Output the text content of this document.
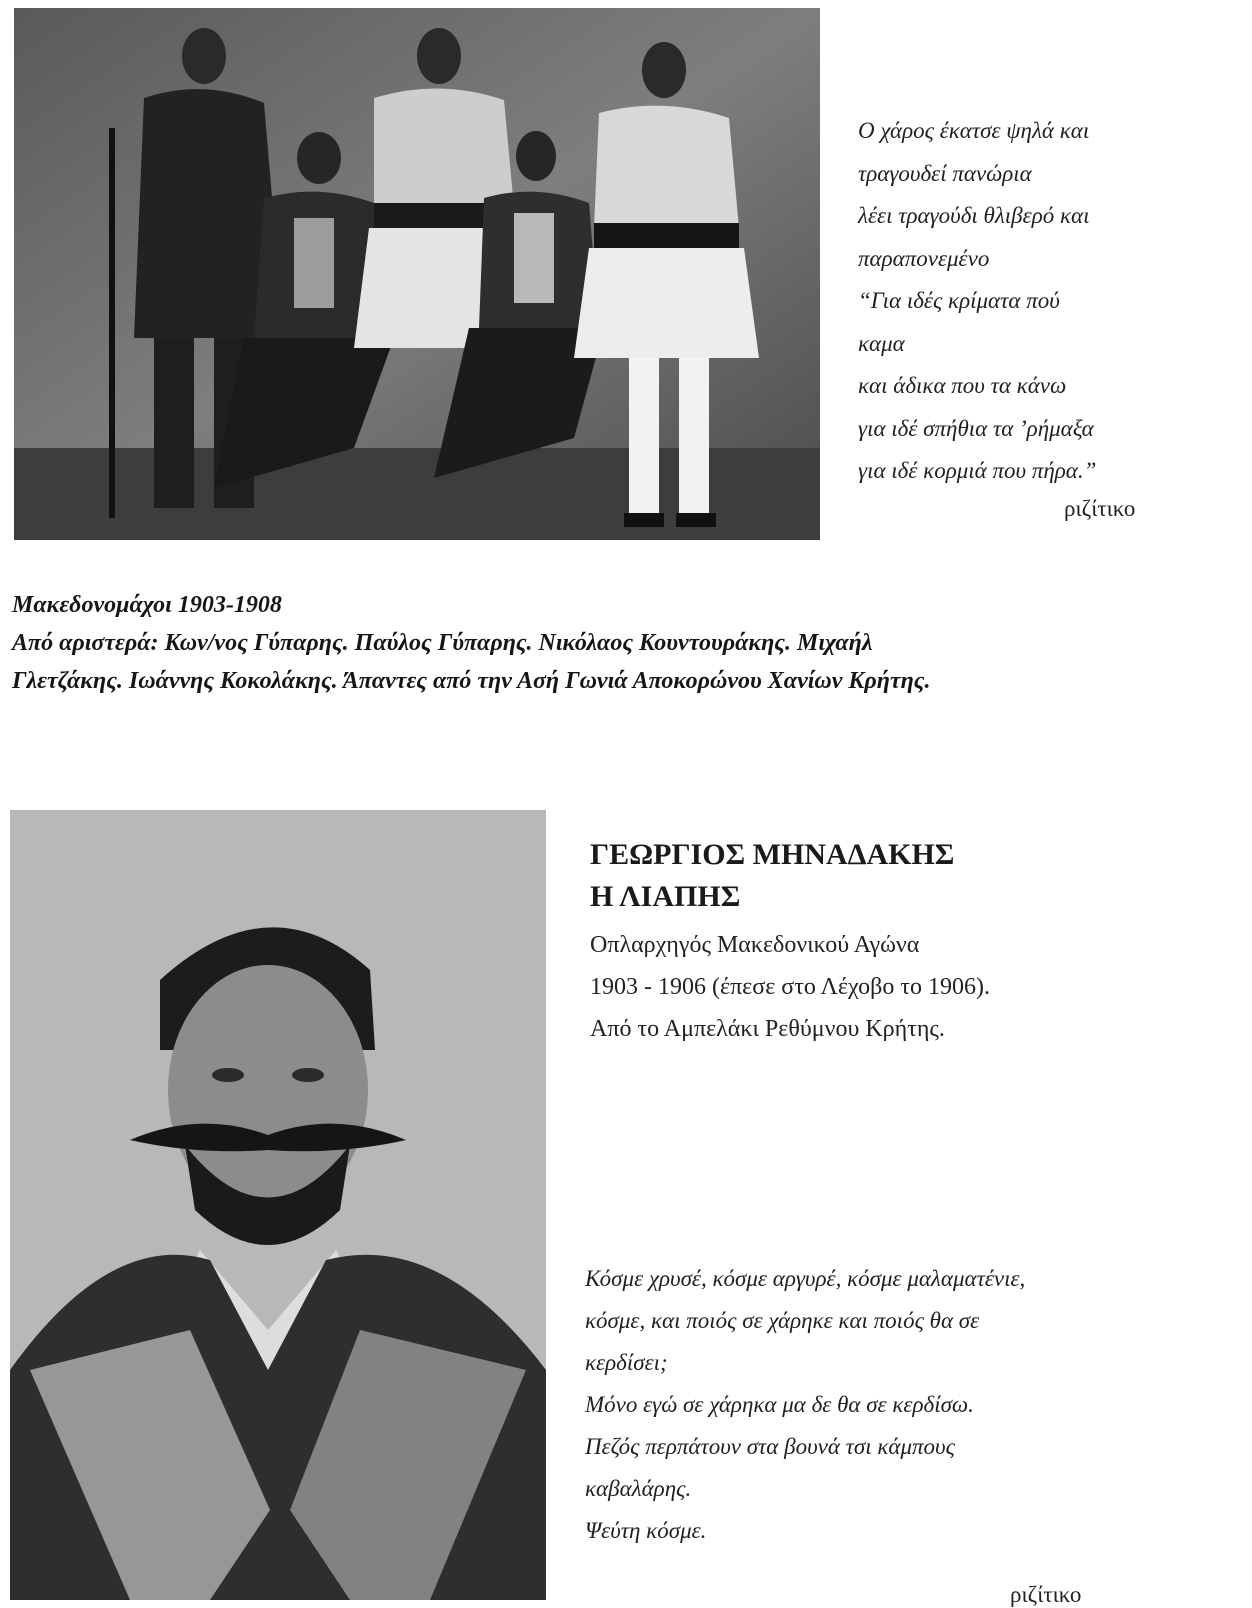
Ο χάρος έκατσε ψηλά και
τραγουδεί πανώρια
λέει τραγούδι θλιβερό και
παραπονεμένο
“Για ιδές κρίματα πού
καμα
και άδικα που τα κάνω
για ιδέ σπήθια τα ’ρήμαξα
για ιδέ κορμιά που πήρα.”
ριζίτικο
Μακεδονομάχοι 1903-1908
Από αριστερά: Κων/νος Γύπαρης. Παύλος Γύπαρης. Νικόλαος Κουντουράκης. Μιχαήλ
Γλετζάκης. Ιωάννης Κοκολάκης. Άπαντες από την Ασή Γωνιά Αποκορώνου Χανίων Κρήτης.
ΓΕΩΡΓΙΟΣ ΜΗΝΑΔΑΚΗΣ
Η ΛΙΑΠΗΣ
Οπλαρχηγός Μακεδονικού Αγώνα
1903 - 1906 (έπεσε στο Λέχοβο το 1906).
Από το Αμπελάκι Ρεθύμνου Κρήτης.
Κόσμε χρυσέ, κόσμε αργυρέ, κόσμε μαλαματένιε,
κόσμε, και ποιός σε χάρηκε και ποιός θα σε
κερδίσει;
Μόνο εγώ σε χάρηκα μα δε θα σε κερδίσω.
Πεζός περπάτουν στα βουνά τσι κάμπους
καβαλάρης.
Ψεύτη κόσμε.
ριζίτικο
